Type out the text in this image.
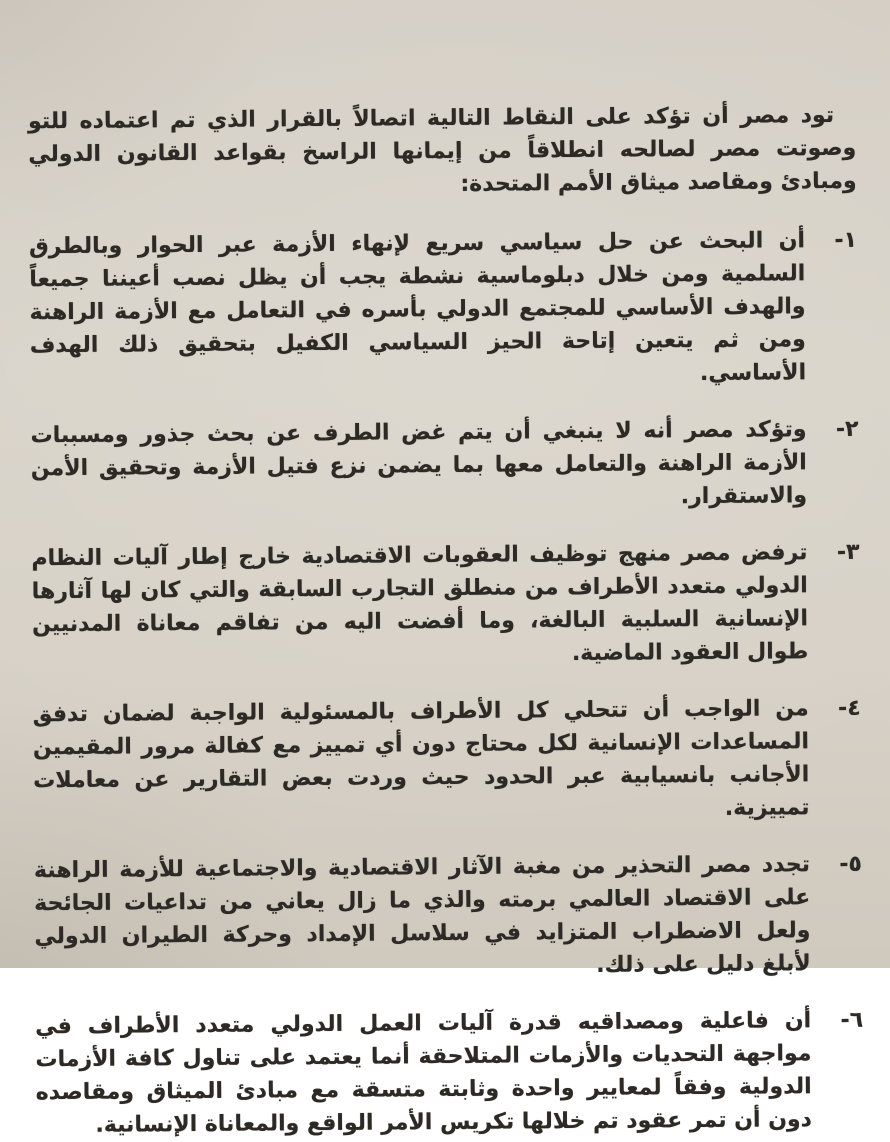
تود مصر أن تؤكد على النقاط التالية اتصالاً بالقرار الذي تم اعتماده للتو وصوتت مصر لصالحه انطلاقاً من إيمانها الراسخ بقواعد القانون الدولي ومبادئ ومقاصد ميثاق الأمم المتحدة:

١-
أن البحث عن حل سياسي سريع لإنهاء الأزمة عبر الحوار وبالطرق السلمية ومن خلال دبلوماسية نشطة يجب أن يظل نصب أعيننا جميعاً والهدف الأساسي للمجتمع الدولي بأسره في التعامل مع الأزمة الراهنة ومن ثم يتعين إتاحة الحيز السياسي الكفيل بتحقيق ذلك الهدف الأساسي.
٢-
وتؤكد مصر أنه لا ينبغي أن يتم غض الطرف عن بحث جذور ومسببات الأزمة الراهنة والتعامل معها بما يضمن نزع فتيل الأزمة وتحقيق الأمن والاستقرار.
٣-
ترفض مصر منهج توظيف العقوبات الاقتصادية خارج إطار آليات النظام الدولي متعدد الأطراف من منطلق التجارب السابقة والتي كان لها آثارها الإنسانية السلبية البالغة، وما أفضت اليه من تفاقم معاناة المدنيين طوال العقود الماضية.
٤-
من الواجب أن تتحلي كل الأطراف بالمسئولية الواجبة لضمان تدفق المساعدات الإنسانية لكل محتاج دون أي تمييز مع كفالة مرور المقيمين الأجانب بانسيابية عبر الحدود حيث وردت بعض التقارير عن معاملات تمييزية.
٥-
تجدد مصر التحذير من مغبة الآثار الاقتصادية والاجتماعية للأزمة الراهنة على الاقتصاد العالمي برمته والذي ما زال يعاني من تداعيات الجائحة ولعل الاضطراب المتزايد في سلاسل الإمداد وحركة الطيران الدولي لأبلغ دليل على ذلك.
٦-
أن فاعلية ومصداقيه قدرة آليات العمل الدولي متعدد الأطراف في مواجهة التحديات والأزمات المتلاحقة أنما يعتمد على تناول كافة الأزمات الدولية وفقاً لمعايير واحدة وثابتة متسقة مع مبادئ الميثاق ومقاصده دون أن تمر عقود تم خلالها تكريس الأمر الواقع والمعاناة الإنسانية.
